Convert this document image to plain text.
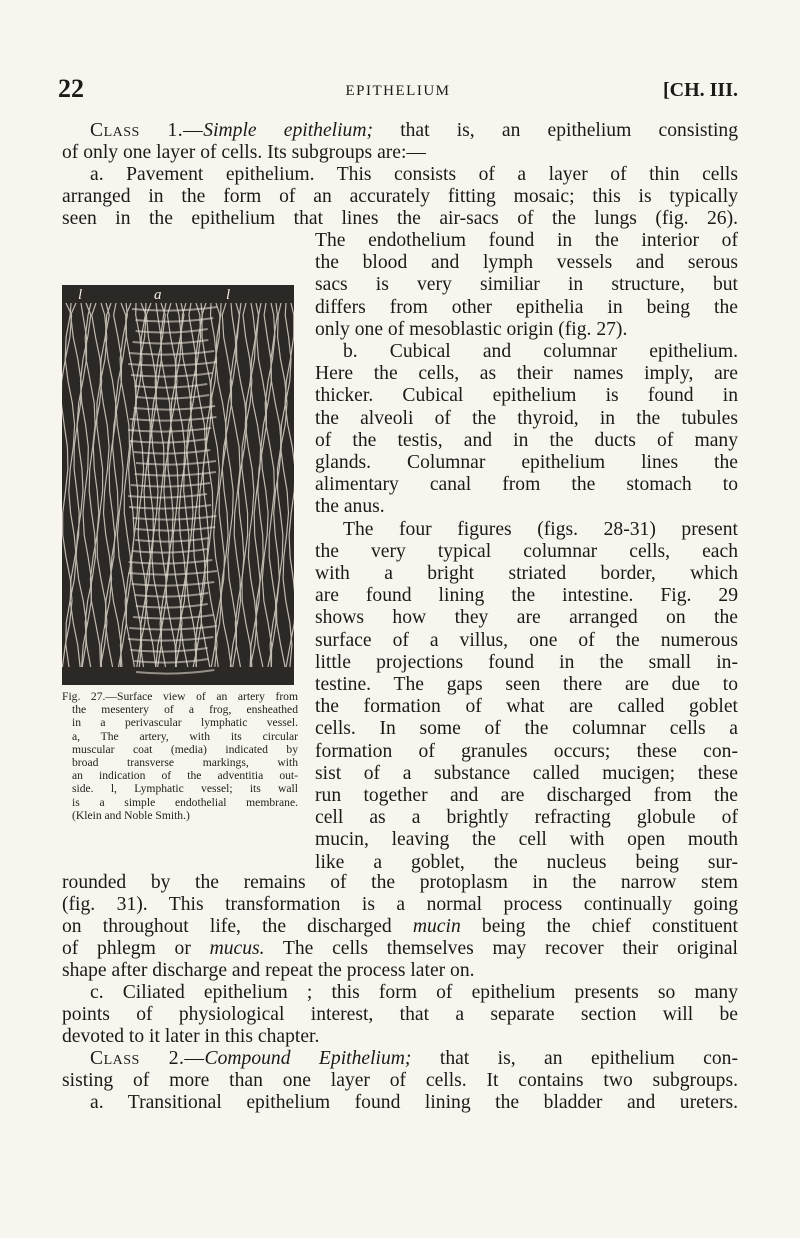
22	EPITHELIUM	[CH. III.
Class 1.—Simple epithelium; that is, an epithelium consisting
of only one layer of cells. Its subgroups are:—
a. Pavement epithelium. This consists of a layer of thin cells
arranged in the form of an accurately fitting mosaic; this is typically
seen in the epithelium that lines the air-sacs of the lungs (fig. 26).
l	a	l
Fig. 27.—Surface view of an artery from
the mesentery of a frog, ensheathed
in a perivascular lymphatic vessel.
a, The artery, with its circular
muscular coat (media) indicated by
broad transverse markings, with
an indication of the adventitia out-
side. l, Lymphatic vessel; its wall
is a simple endothelial membrane.
(Klein and Noble Smith.)
The endothelium found in the interior of
the blood and lymph vessels and serous
sacs is very similiar in structure, but
differs from other epithelia in being the
only one of mesoblastic origin (fig. 27).
b. Cubical and columnar epithelium.
Here the cells, as their names imply, are
thicker. Cubical epithelium is found in
the alveoli of the thyroid, in the tubules
of the testis, and in the ducts of many
glands. Columnar epithelium lines the
alimentary canal from the stomach to
the anus.
The four figures (figs. 28-31) present
the very typical columnar cells, each
with a bright striated border, which
are found lining the intestine. Fig. 29
shows how they are arranged on the
surface of a villus, one of the numerous
little projections found in the small in-
testine. The gaps seen there are due to
the formation of what are called goblet
cells. In some of the columnar cells a
formation of granules occurs; these con-
sist of a substance called mucigen; these
run together and are discharged from the
cell as a brightly refracting globule of
mucin, leaving the cell with open mouth
like a goblet, the nucleus being sur-
rounded by the remains of the protoplasm in the narrow stem
(fig. 31). This transformation is a normal process continually going
on throughout life, the discharged mucin being the chief constituent
of phlegm or mucus. The cells themselves may recover their original
shape after discharge and repeat the process later on.
c. Ciliated epithelium ; this form of epithelium presents so many
points of physiological interest, that a separate section will be
devoted to it later in this chapter.
Class 2.—Compound Epithelium; that is, an epithelium con-
sisting of more than one layer of cells. It contains two subgroups.
a. Transitional epithelium found lining the bladder and ureters.
